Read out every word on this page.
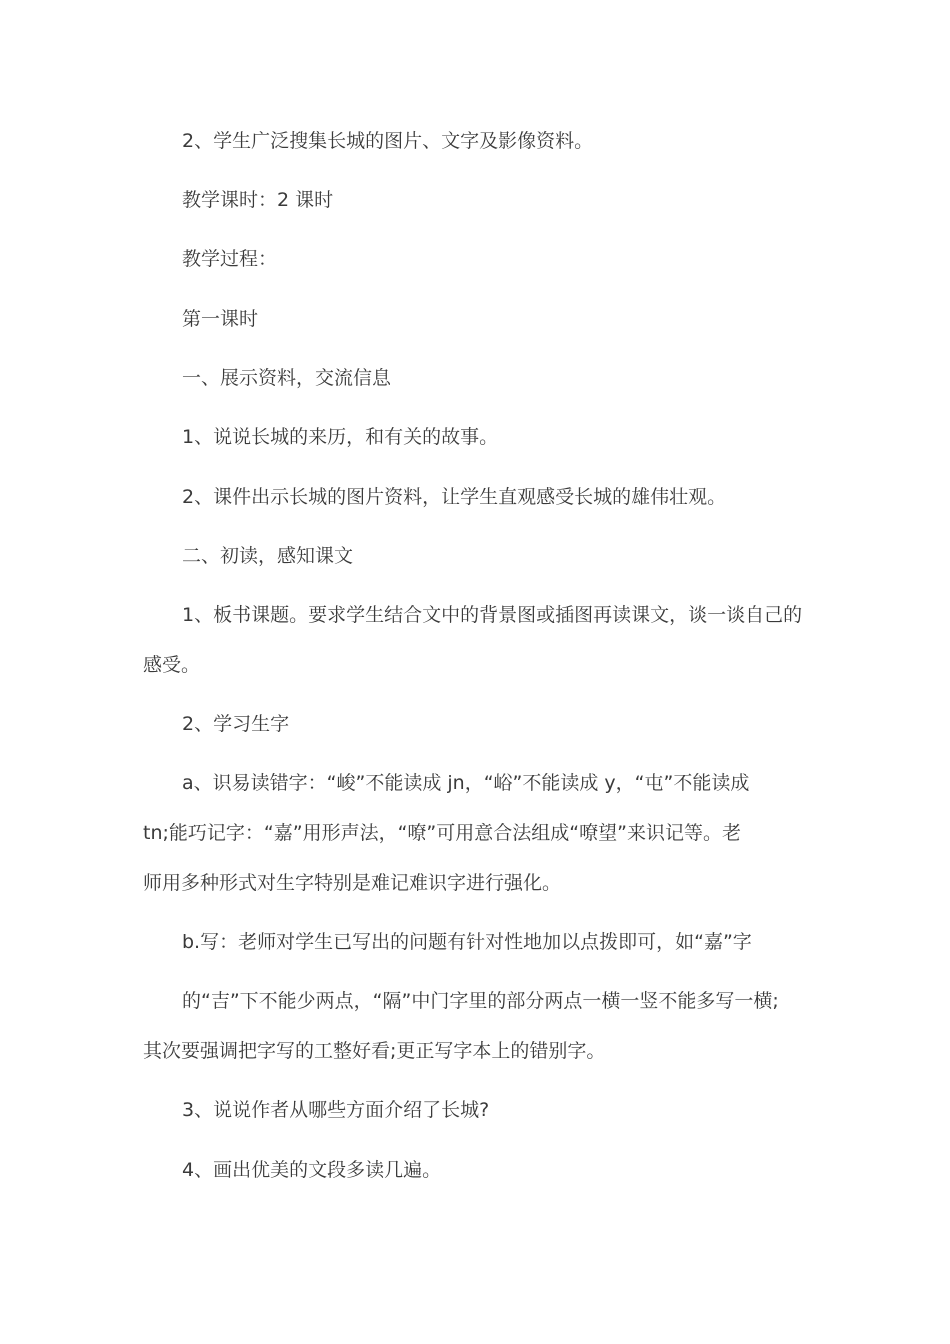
2、学生广泛搜集长城的图片、文字及影像资料。
教学课时：2 课时
教学过程：
第一课时
一、展示资料，交流信息
1、说说长城的来历，和有关的故事。
2、课件出示长城的图片资料，让学生直观感受长城的雄伟壮观。
二、初读，感知课文
1、板书课题。要求学生结合文中的背景图或插图再读课文，谈一谈自己的
感受。
2、学习生字
a、识易读错字：“峻”不能读成 jn，“峪”不能读成 y，“屯”不能读成
tn;能巧记字：“嘉”用形声法，“嘹”可用意合法组成“嘹望”来识记等。老
师用多种形式对生字特别是难记难识字进行强化。
b.写：老师对学生已写出的问题有针对性地加以点拨即可，如“嘉”字
的“吉”下不能少两点，“隔”中门字里的部分两点一横一竖不能多写一横;
其次要强调把字写的工整好看;更正写字本上的错别字。
3、说说作者从哪些方面介绍了长城?
4、画出优美的文段多读几遍。
